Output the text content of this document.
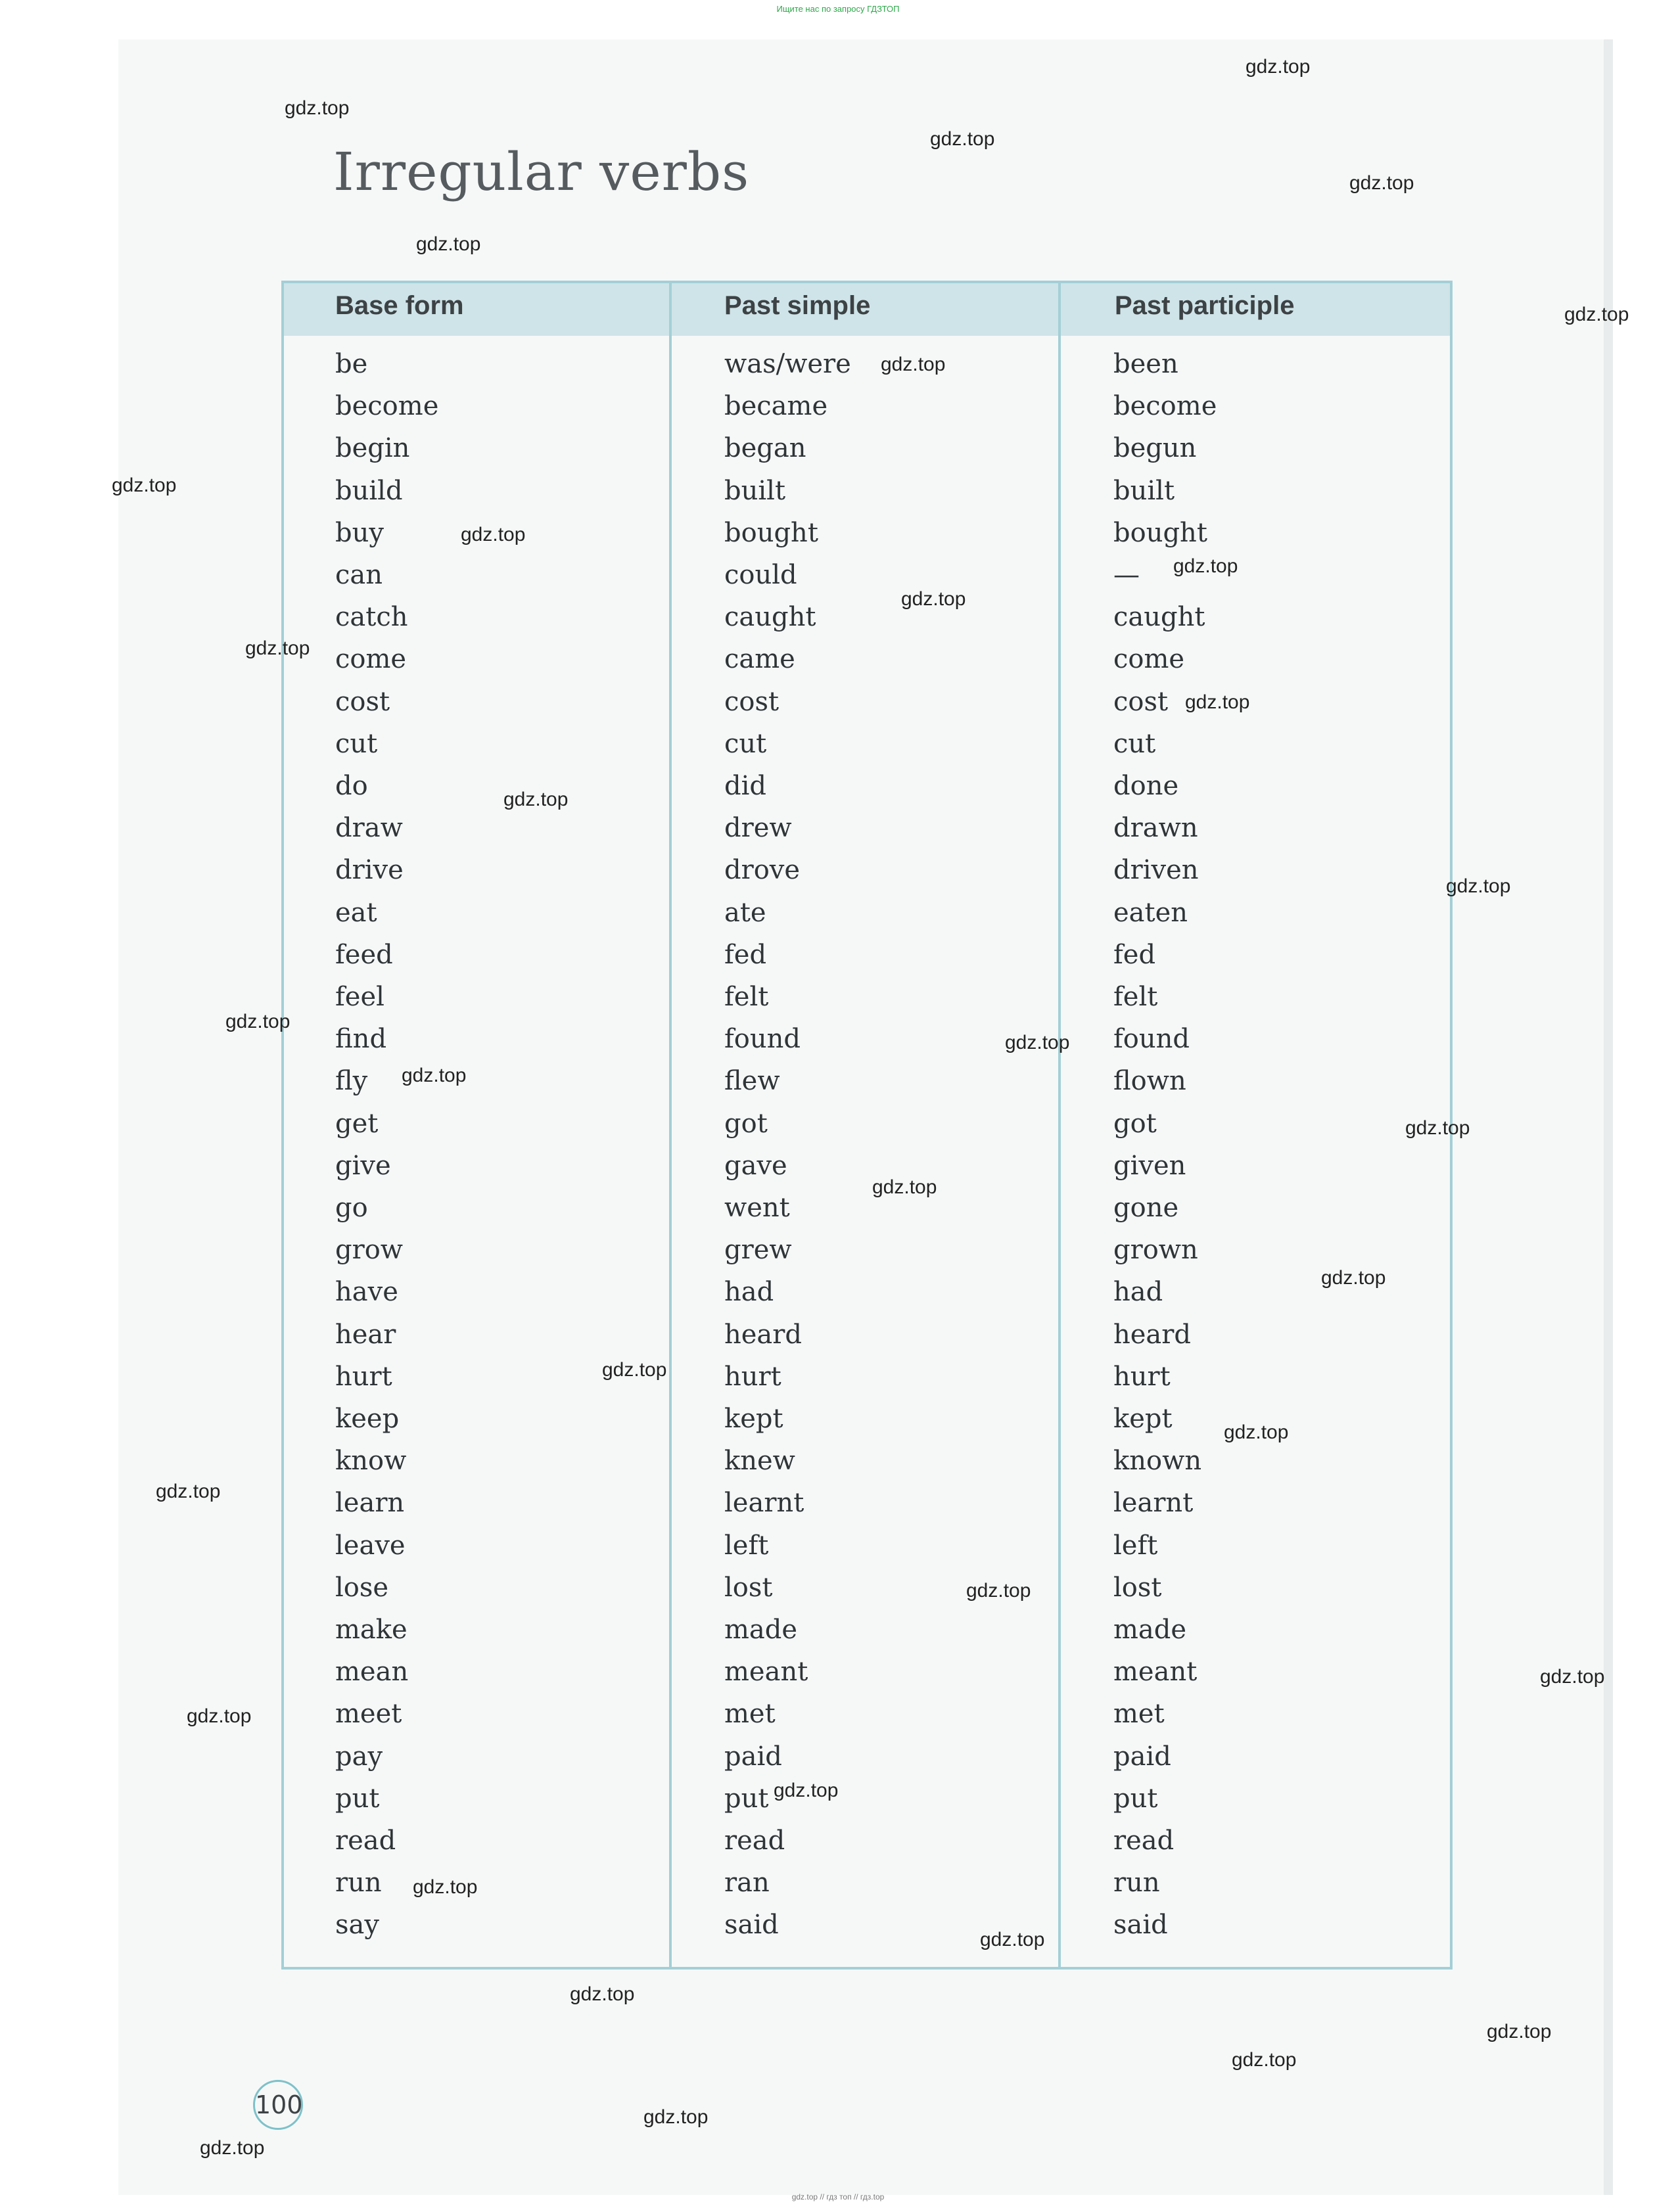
Ищите нас по запросу ГДЗТОП
Irregular verbs
Base form	Past simple	Past participle
be	was/were	been
become	became	become
begin	began	begun
build	built	built
buy	bought	bought
can	could	—
catch	caught	caught
come	came	come
cost	cost	cost
cut	cut	cut
do	did	done
draw	drew	drawn
drive	drove	driven
eat	ate	eaten
feed	fed	fed
feel	felt	felt
find	found	found
fly	flew	flown
get	got	got
give	gave	given
go	went	gone
grow	grew	grown
have	had	had
hear	heard	heard
hurt	hurt	hurt
keep	kept	kept
know	knew	known
learn	learnt	learnt
leave	left	left
lose	lost	lost
make	made	made
mean	meant	meant
meet	met	met
pay	paid	paid
put	put	put
read	read	read
run	ran	run
say	said	said
100
gdz.top
gdz.top
gdz.top
gdz.top
gdz.top
gdz.top
gdz.top
gdz.top
gdz.top
gdz.top
gdz.top
gdz.top
gdz.top
gdz.top
gdz.top
gdz.top
gdz.top
gdz.top
gdz.top
gdz.top
gdz.top
gdz.top
gdz.top
gdz.top
gdz.top
gdz.top
gdz.top
gdz.top
gdz.top
gdz.top
gdz.top
gdz.top
gdz.top
gdz.top
gdz.top
gdz.top // гдз топ // гдз.top
